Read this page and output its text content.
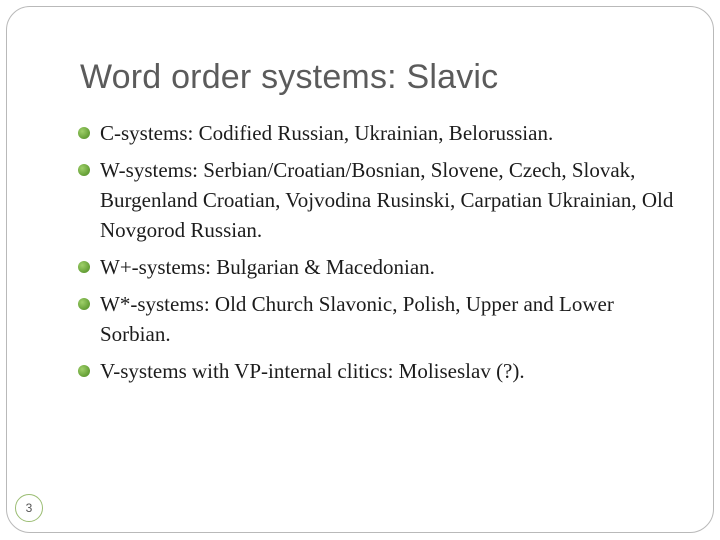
Word order systems: Slavic
C-systems: Codified Russian, Ukrainian, Belorussian.
W-systems: Serbian/Croatian/Bosnian, Slovene, Czech, Slovak, Burgenland Croatian, Vojvodina Rusinski, Carpatian Ukrainian, Old Novgorod Russian.
W+-systems: Bulgarian & Macedonian.
W*-systems: Old Church Slavonic, Polish, Upper and Lower Sorbian.
V-systems with VP-internal clitics: Moliseslav (?).
3
